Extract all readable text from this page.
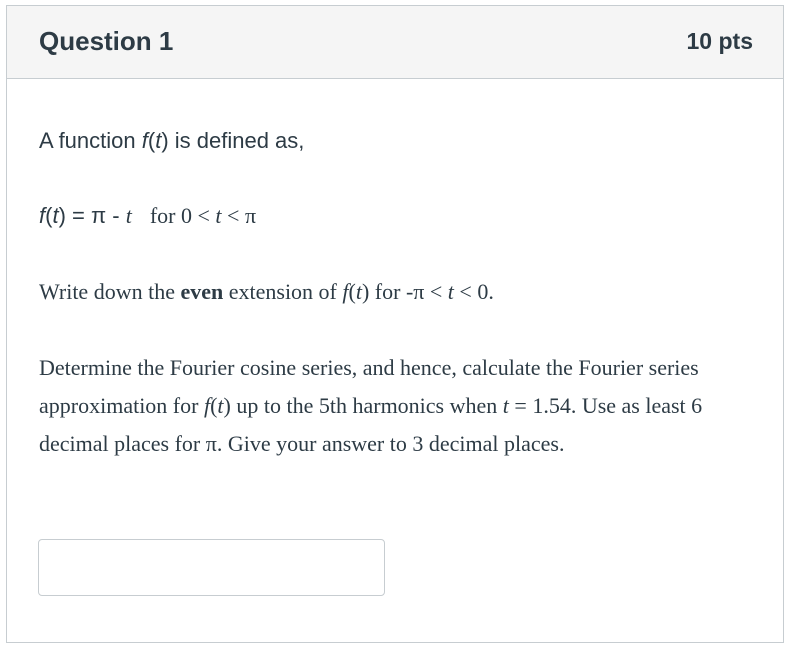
Question 1	10 pts
A function f(t) is defined as,
f(t) = π - t for 0 < t < π
Write down the even extension of f(t) for -π < t < 0.
Determine the Fourier cosine series, and hence, calculate the Fourier series approximation for f(t) up to the 5th harmonics when t = 1.54. Use as least 6 decimal places for π. Give your answer to 3 decimal places.
